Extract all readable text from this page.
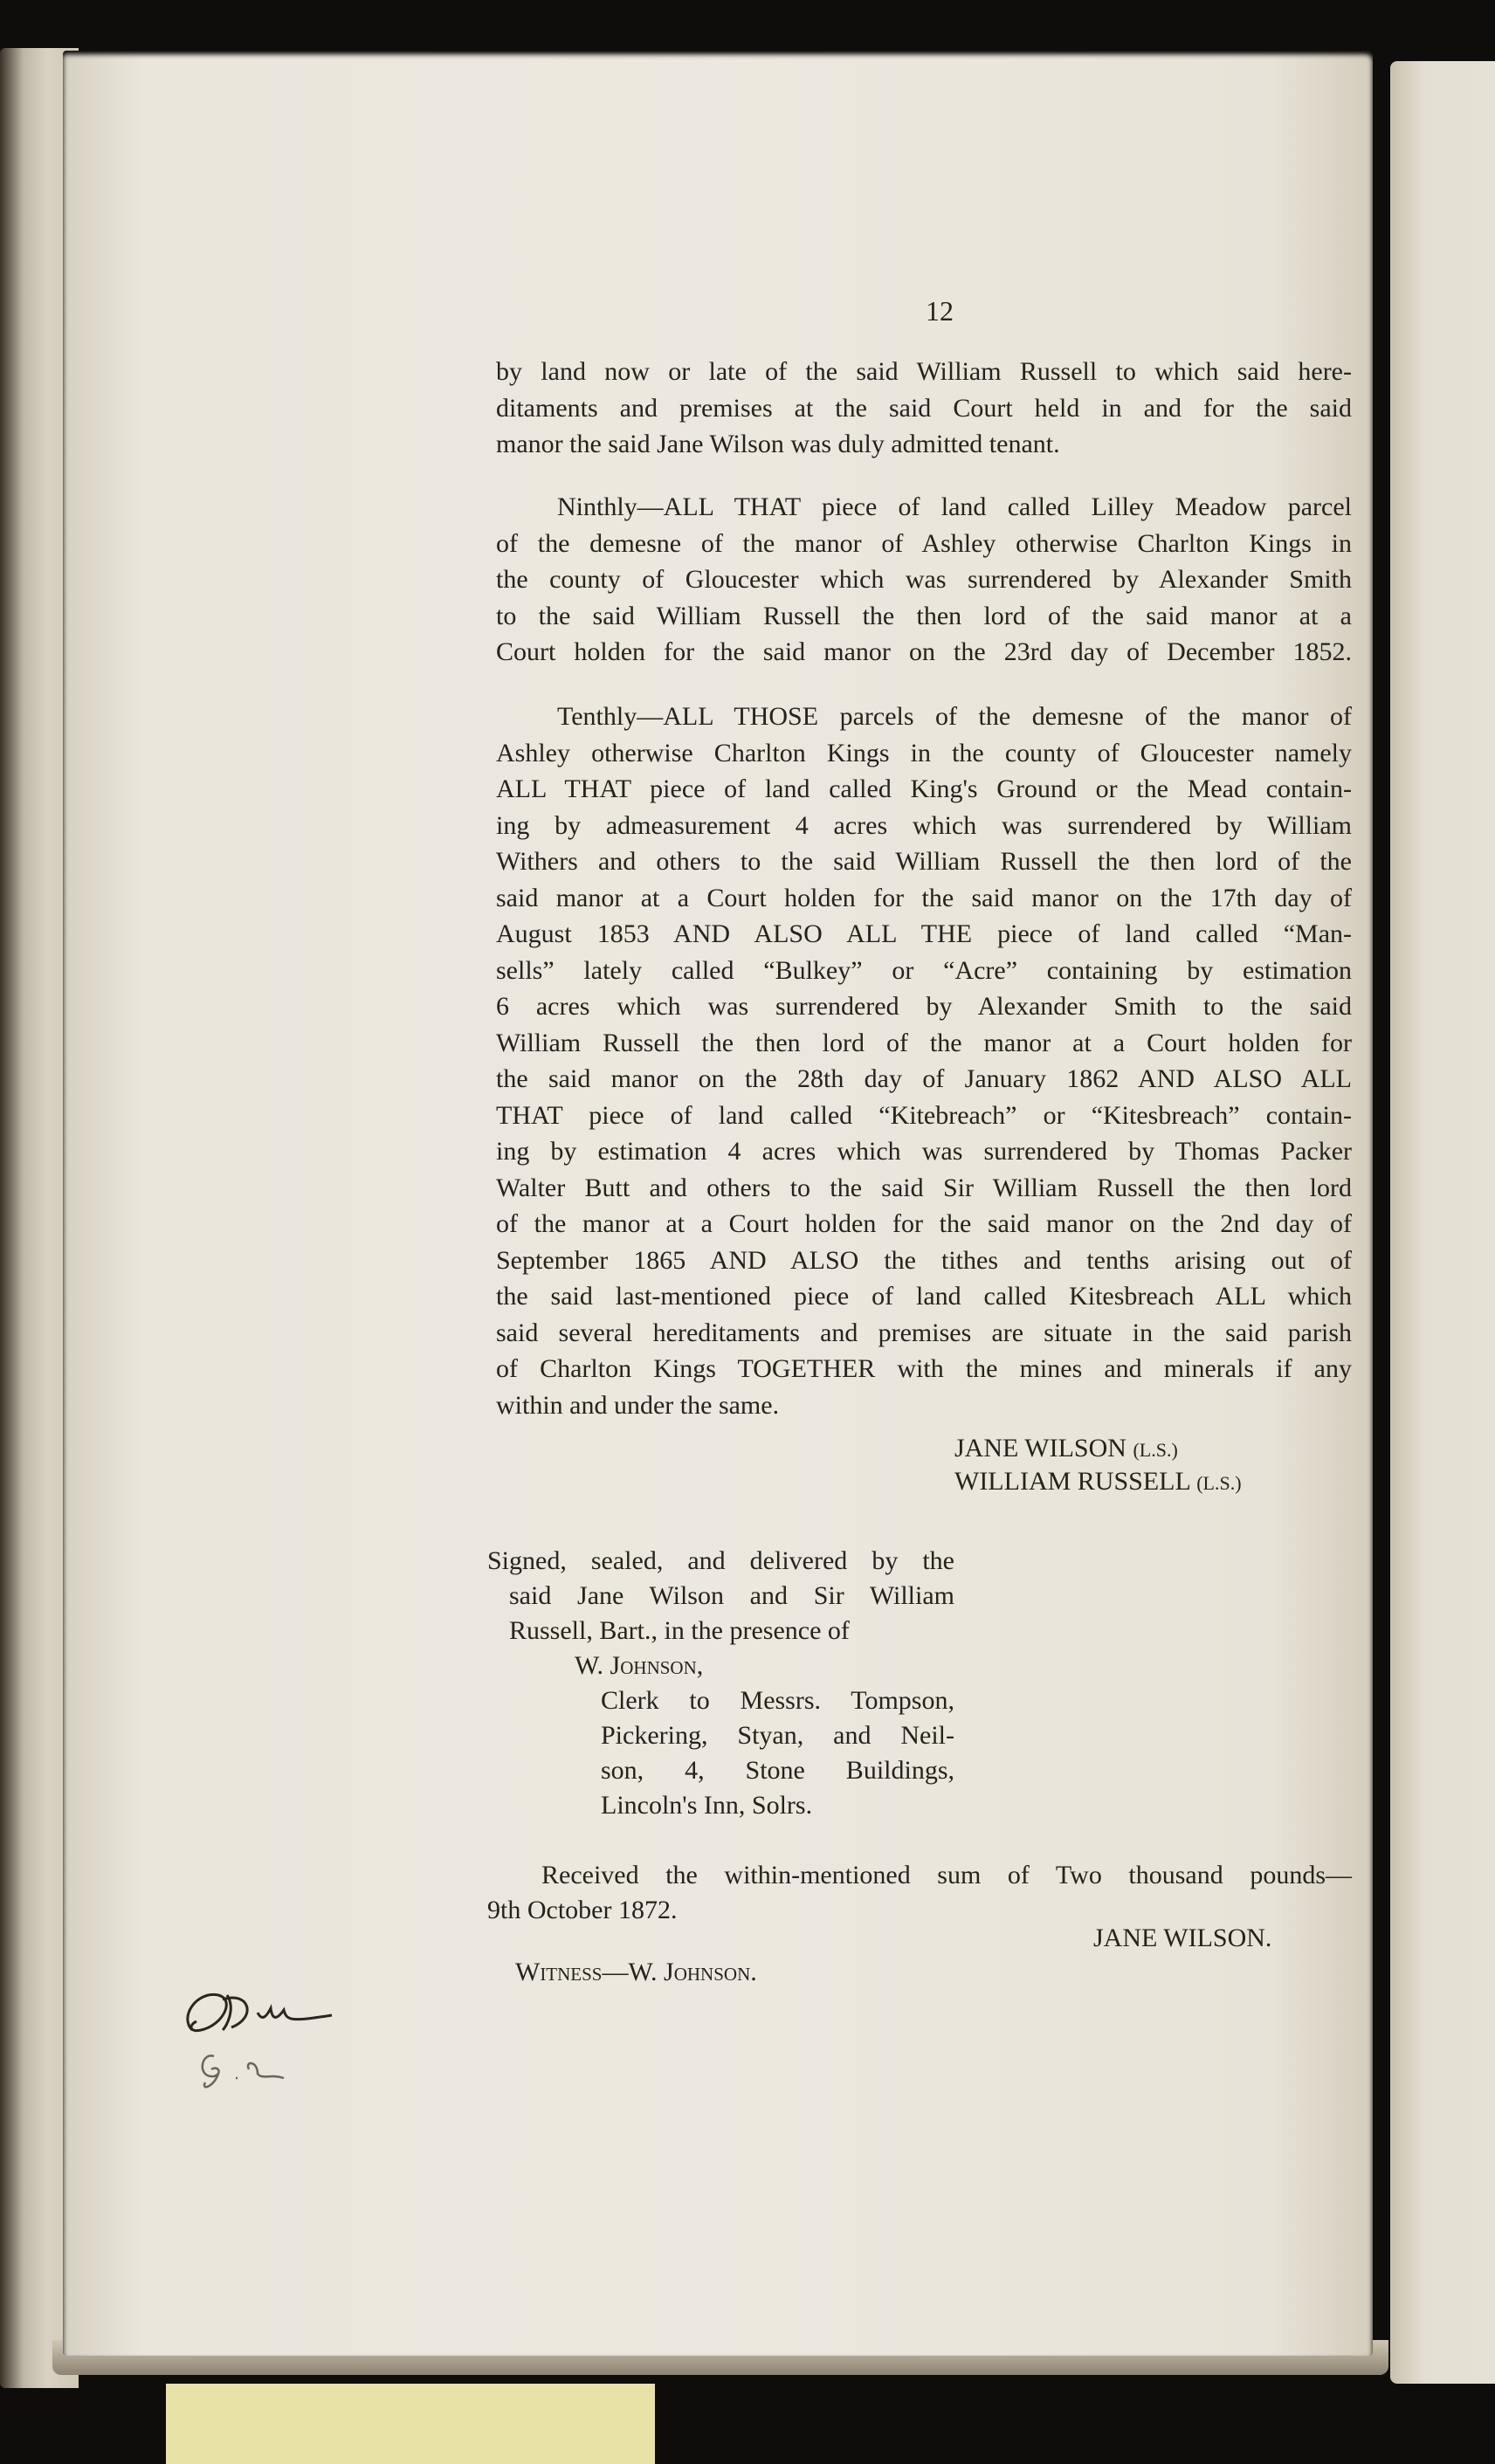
12
by land now or late of the said William Russell to which said here-
ditaments and premises at the said Court held in and for the said
manor the said Jane Wilson was duly admitted tenant.
Ninthly—ALL THAT piece of land called Lilley Meadow parcel
of the demesne of the manor of Ashley otherwise Charlton Kings in
the county of Gloucester which was surrendered by Alexander Smith
to the said William Russell the then lord of the said manor at a
Court holden for the said manor on the 23rd day of December 1852.
Tenthly—ALL THOSE parcels of the demesne of the manor of
Ashley otherwise Charlton Kings in the county of Gloucester namely
ALL THAT piece of land called King's Ground or the Mead contain-
ing by admeasurement 4 acres which was surrendered by William
Withers and others to the said William Russell the then lord of the
said manor at a Court holden for the said manor on the 17th day of
August 1853 AND ALSO ALL THE piece of land called “Man-
sells” lately called “Bulkey” or “Acre” containing by estimation
6 acres which was surrendered by Alexander Smith to the said
William Russell the then lord of the manor at a Court holden for
the said manor on the 28th day of January 1862 AND ALSO ALL
THAT piece of land called “Kitebreach” or “Kitesbreach” contain-
ing by estimation 4 acres which was surrendered by Thomas Packer
Walter Butt and others to the said Sir William Russell the then lord
of the manor at a Court holden for the said manor on the 2nd day of
September 1865 AND ALSO the tithes and tenths arising out of
the said last-mentioned piece of land called Kitesbreach ALL which
said several hereditaments and premises are situate in the said parish
of Charlton Kings TOGETHER with the mines and minerals if any
within and under the same.
JANE WILSON (L.S.)
WILLIAM RUSSELL (L.S.)
Signed, sealed, and delivered by the
said Jane Wilson and Sir William
Russell, Bart., in the presence of
W. Johnson,
Clerk to Messrs. Tompson,
Pickering, Styan, and Neil-
son, 4, Stone Buildings,
Lincoln's Inn, Solrs.
Received the within-mentioned sum of Two thousand pounds—
9th October 1872.
JANE WILSON.
Witness—W. Johnson.
